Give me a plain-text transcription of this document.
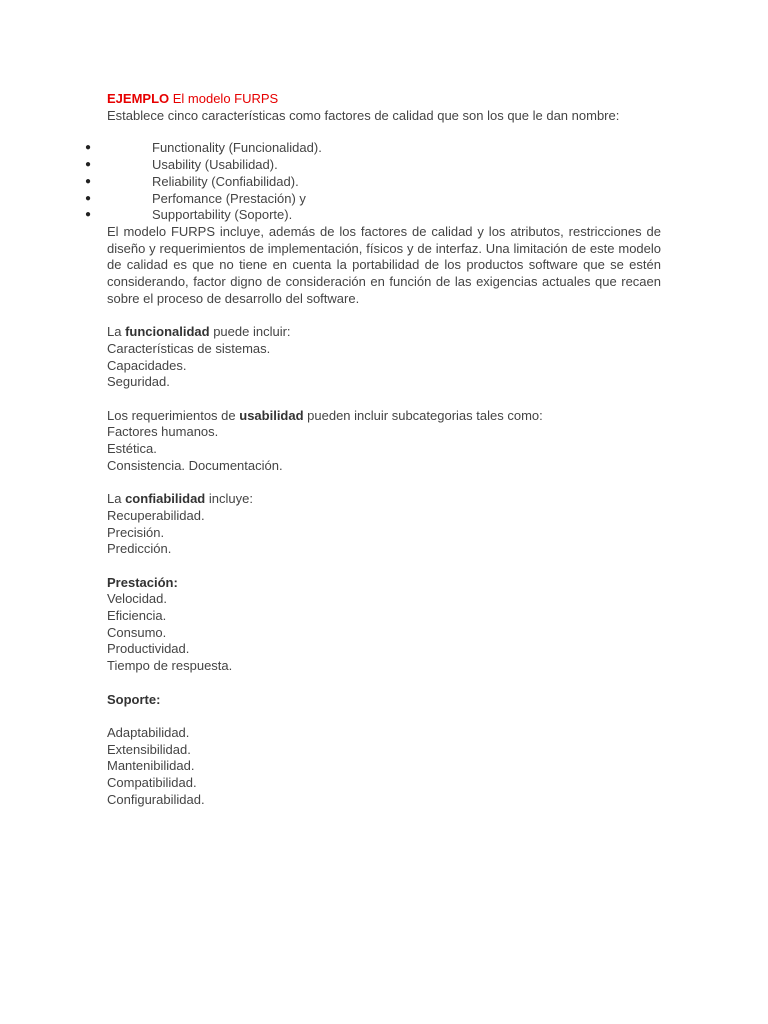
EJEMPLO El modelo FURPS

Establece cinco características como factores de calidad que son los que le dan nombre:

●	Functionality (Funcionalidad).
●	Usability (Usabilidad).
●	Reliability (Confiabilidad).
●	Perfomance (Prestación) y
●	Supportability (Soporte).

El modelo FURPS incluye, además de los factores de calidad y los atributos, restricciones de diseño y requerimientos de implementación, físicos y de interfaz. Una limitación de este modelo de calidad es que no tiene en cuenta la portabilidad de los productos software que se estén considerando, factor digno de consideración en función de las exigencias actuales que recaen sobre el proceso de desarrollo del software.

La funcionalidad puede incluir:

Características de sistemas.

Capacidades.

Seguridad.

Los requerimientos de usabilidad pueden incluir subcategorias tales como:

Factores humanos.

Estética.

Consistencia. Documentación.

La confiabilidad incluye:

Recuperabilidad.

Precisión.

Predicción.

Prestación:

Velocidad.

Eficiencia.

Consumo.

Productividad.

Tiempo de respuesta.

Soporte:

Adaptabilidad.

Extensibilidad.

Mantenibilidad.

Compatibilidad.

Configurabilidad.
